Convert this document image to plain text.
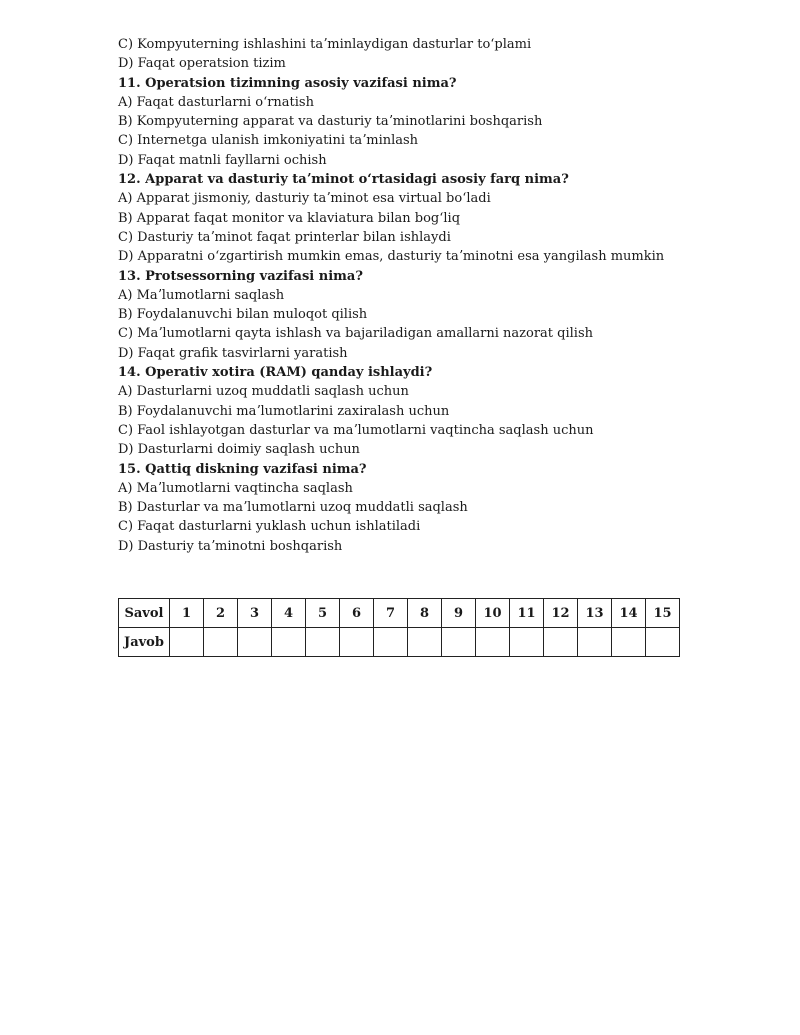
C) Kompyuterning ishlashini taʼminlaydigan dasturlar toʻplami
D) Faqat operatsion tizim
11. Operatsion tizimning asosiy vazifasi nima?
A) Faqat dasturlarni oʻrnatish
B) Kompyuterning apparat va dasturiy taʼminotlarini boshqarish
C) Internetga ulanish imkoniyatini taʼminlash
D) Faqat matnli fayllarni ochish
12. Apparat va dasturiy taʼminot oʻrtasidagi asosiy farq nima?
A) Apparat jismoniy, dasturiy taʼminot esa virtual boʻladi
B) Apparat faqat monitor va klaviatura bilan bogʻliq
C) Dasturiy taʼminot faqat printerlar bilan ishlaydi
D) Apparatni oʻzgartirish mumkin emas, dasturiy taʼminotni esa yangilash mumkin
13. Protsessorning vazifasi nima?
A) Maʼlumotlarni saqlash
B) Foydalanuvchi bilan muloqot qilish
C) Maʼlumotlarni qayta ishlash va bajariladigan amallarni nazorat qilish
D) Faqat grafik tasvirlarni yaratish
14. Operativ xotira (RAM) qanday ishlaydi?
A) Dasturlarni uzoq muddatli saqlash uchun
B) Foydalanuvchi maʼlumotlarini zaxiralash uchun
C) Faol ishlayotgan dasturlar va maʼlumotlarni vaqtincha saqlash uchun
D) Dasturlarni doimiy saqlash uchun
15. Qattiq diskning vazifasi nima?
A) Maʼlumotlarni vaqtincha saqlash
B) Dasturlar va maʼlumotlarni uzoq muddatli saqlash
C) Faqat dasturlarni yuklash uchun ishlatiladi
D) Dasturiy taʼminotni boshqarish
Savol	1	2	3	4	5	6	7	8	9	10	11	12	13	14	15
Javob															
